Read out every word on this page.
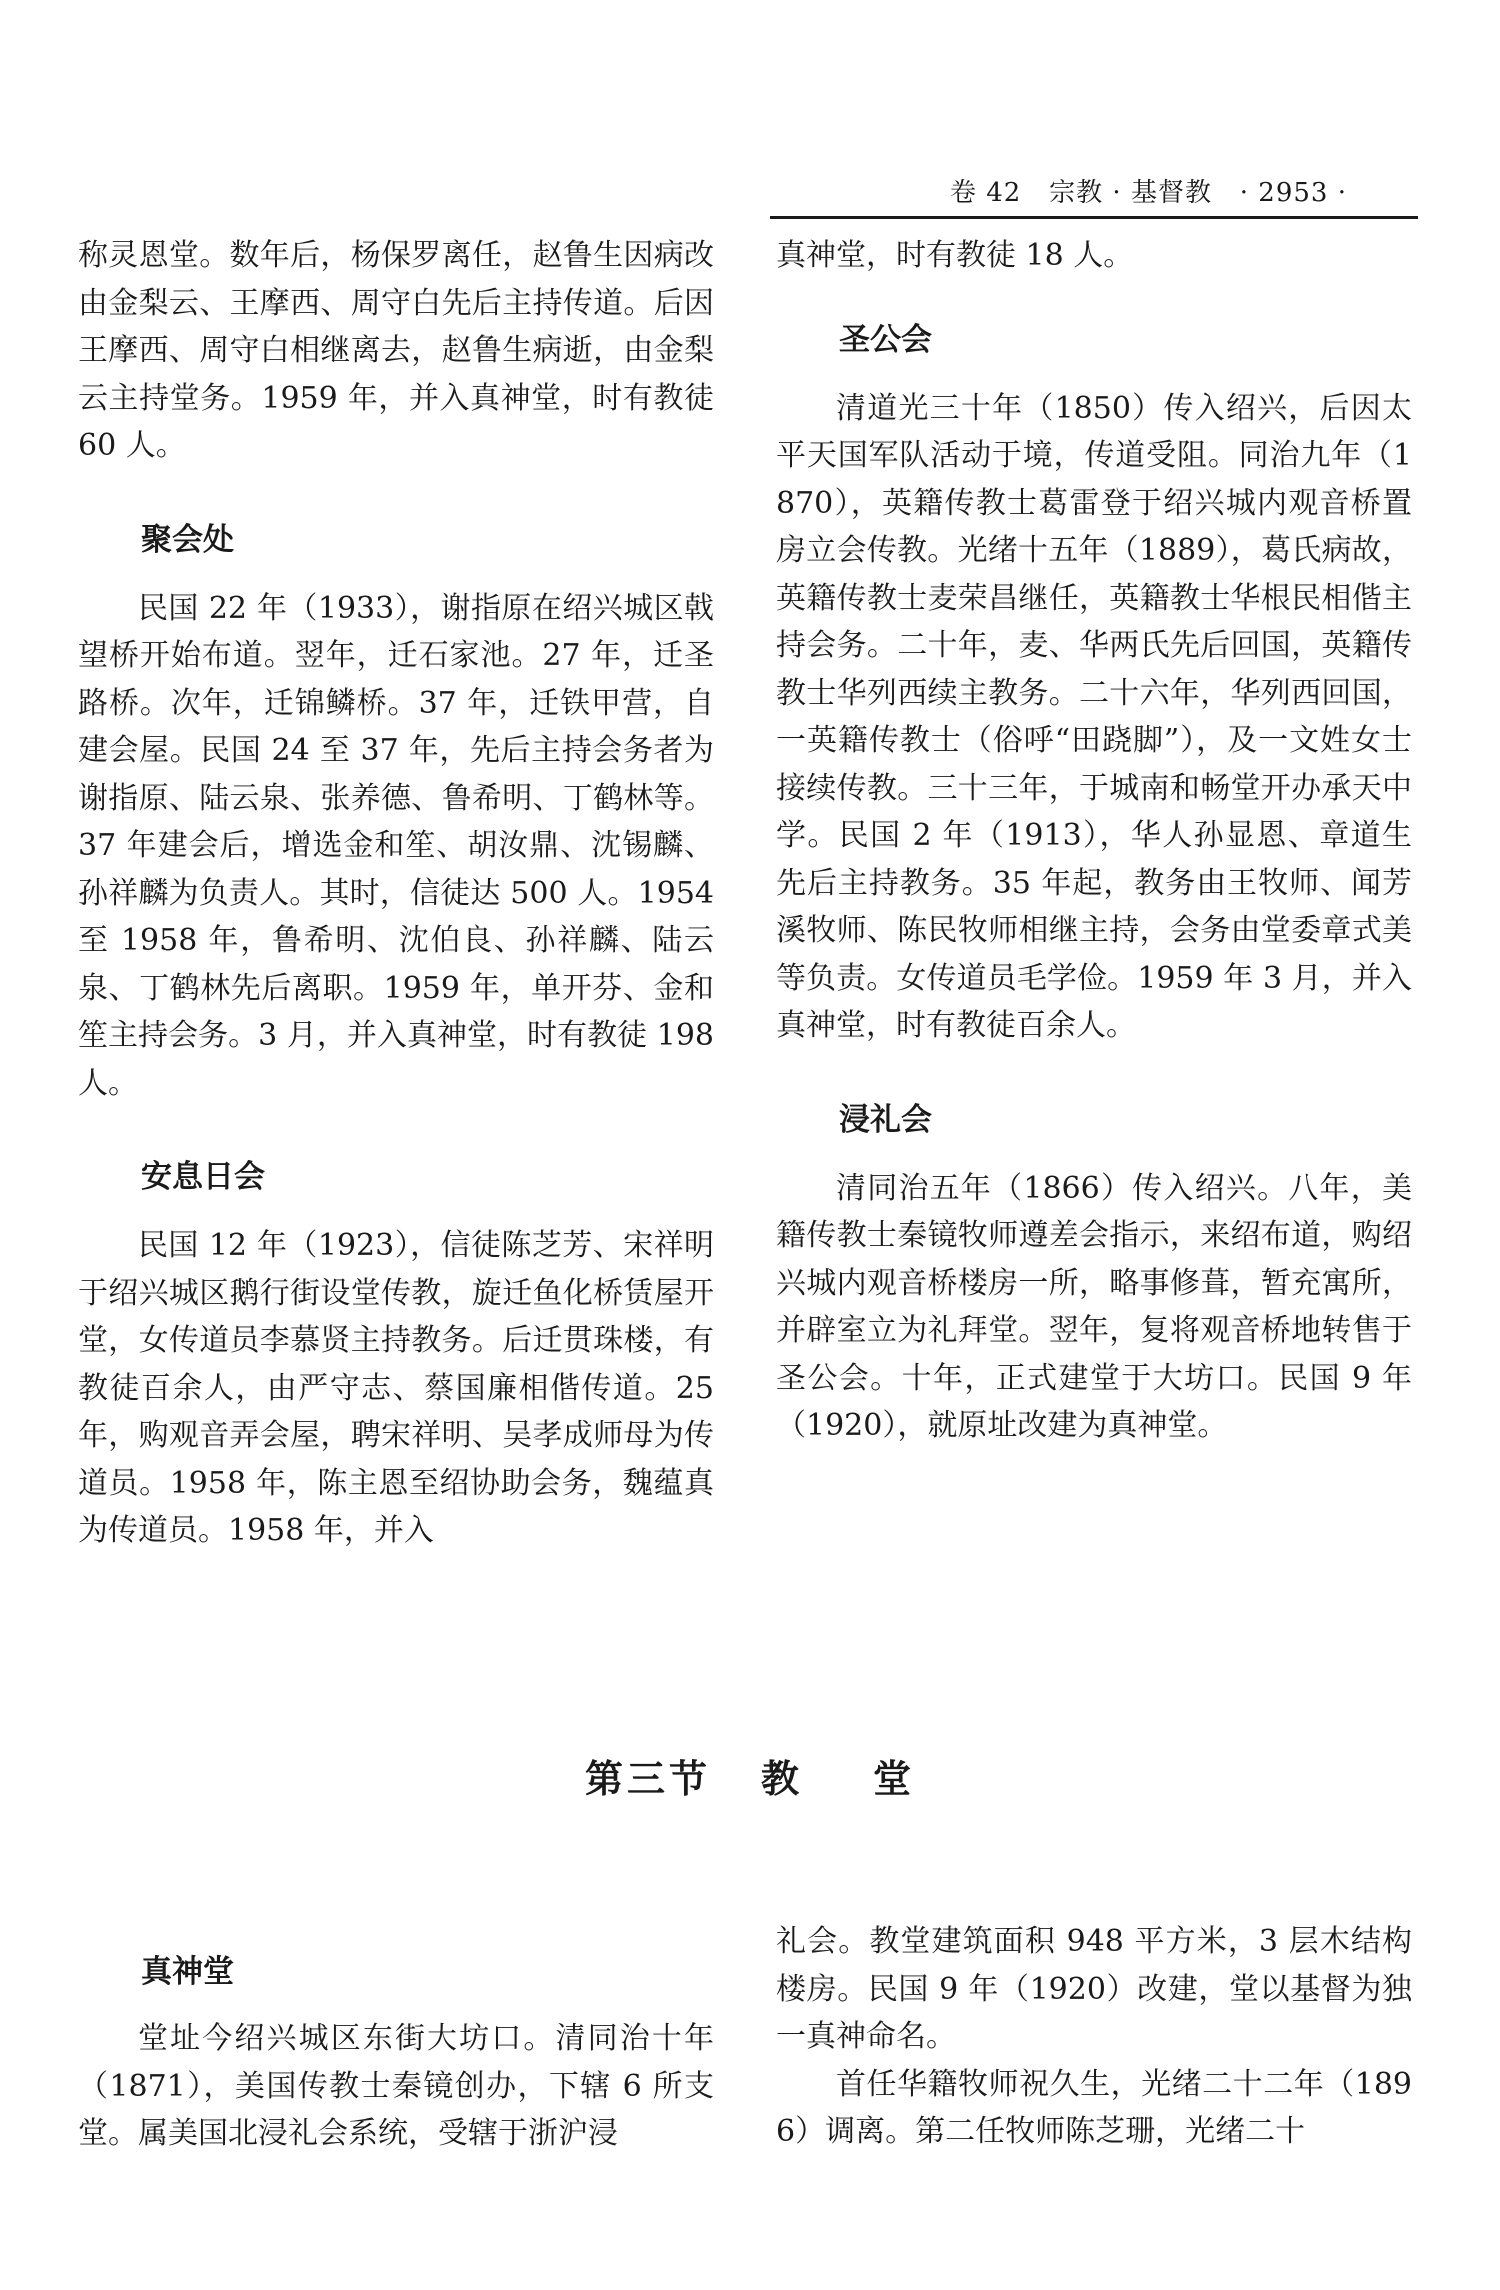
卷 42 宗教 · 基督教 · 2953 ·

称灵恩堂。数年后，杨保罗离任，赵鲁生因病改由金梨云、王摩西、周守白先后主持传道。后因王摩西、周守白相继离去，赵鲁生病逝，由金梨云主持堂务。1959 年，并入真神堂，时有教徒 60 人。

聚会处

民国 22 年（1933），谢指原在绍兴城区戟望桥开始布道。翌年，迁石家池。27 年，迁圣路桥。次年，迁锦鳞桥。37 年，迁铁甲营，自建会屋。民国 24 至 37 年，先后主持会务者为谢指原、陆云泉、张养德、鲁希明、丁鹤林等。37 年建会后，增选金和笙、胡汝鼎、沈锡麟、孙祥麟为负责人。其时，信徒达 500 人。1954 至 1958 年，鲁希明、沈伯良、孙祥麟、陆云泉、丁鹤林先后离职。1959 年，单开芬、金和笙主持会务。3 月，并入真神堂，时有教徒 198 人。

安息日会

民国 12 年（1923），信徒陈芝芳、宋祥明于绍兴城区鹅行街设堂传教，旋迁鱼化桥赁屋开堂，女传道员李慕贤主持教务。后迁贯珠楼，有教徒百余人，由严守志、蔡国廉相偕传道。25 年，购观音弄会屋，聘宋祥明、吴孝成师母为传道员。1958 年，陈主恩至绍协助会务，魏蕴真为传道员。1958 年，并入

真神堂，时有教徒 18 人。

圣公会

清道光三十年（1850）传入绍兴，后因太平天国军队活动于境，传道受阻。同治九年（1870），英籍传教士葛雷登于绍兴城内观音桥置房立会传教。光绪十五年（1889），葛氏病故，英籍传教士麦荣昌继任，英籍教士华根民相偕主持会务。二十年，麦、华两氏先后回国，英籍传教士华列西续主教务。二十六年，华列西回国，一英籍传教士（俗呼“田跷脚”），及一文姓女士接续传教。三十三年，于城南和畅堂开办承天中学。民国 2 年（1913），华人孙显恩、章道生先后主持教务。35 年起，教务由王牧师、闻芳溪牧师、陈民牧师相继主持，会务由堂委章式美等负责。女传道员毛学俭。1959 年 3 月，并入真神堂，时有教徒百余人。

浸礼会

清同治五年（1866）传入绍兴。八年，美籍传教士秦镜牧师遵差会指示，来绍布道，购绍兴城内观音桥楼房一所，略事修葺，暂充寓所，并辟室立为礼拜堂。翌年，复将观音桥地转售于圣公会。十年，正式建堂于大坊口。民国 9 年（1920），就原址改建为真神堂。

第三节 教 堂
真神堂

堂址今绍兴城区东街大坊口。清同治十年（1871），美国传教士秦镜创办，下辖 6 所支堂。属美国北浸礼会系统，受辖于浙沪浸

礼会。教堂建筑面积 948 平方米，3 层木结构楼房。民国 9 年（1920）改建，堂以基督为独一真神命名。

首任华籍牧师祝久生，光绪二十二年（1896）调离。第二任牧师陈芝珊，光绪二十
